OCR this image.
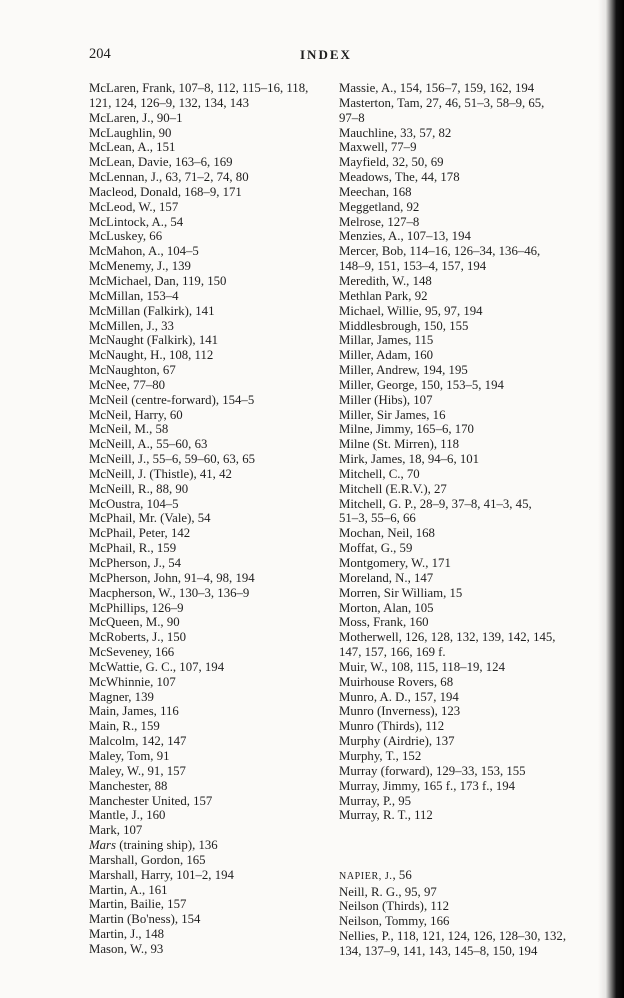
204	INDEX
McLaren, Frank, 107–8, 112, 115–16, 118,
121, 124, 126–9, 132, 134, 143
McLaren, J., 90–1
McLaughlin, 90
McLean, A., 151
McLean, Davie, 163–6, 169
McLennan, J., 63, 71–2, 74, 80
Macleod, Donald, 168–9, 171
McLeod, W., 157
McLintock, A., 54
McLuskey, 66
McMahon, A., 104–5
McMenemy, J., 139
McMichael, Dan, 119, 150
McMillan, 153–4
McMillan (Falkirk), 141
McMillen, J., 33
McNaught (Falkirk), 141
McNaught, H., 108, 112
McNaughton, 67
McNee, 77–80
McNeil (centre-forward), 154–5
McNeil, Harry, 60
McNeil, M., 58
McNeill, A., 55–60, 63
McNeill, J., 55–6, 59–60, 63, 65
McNeill, J. (Thistle), 41, 42
McNeill, R., 88, 90
McOustra, 104–5
McPhail, Mr. (Vale), 54
McPhail, Peter, 142
McPhail, R., 159
McPherson, J., 54
McPherson, John, 91–4, 98, 194
Macpherson, W., 130–3, 136–9
McPhillips, 126–9
McQueen, M., 90
McRoberts, J., 150
McSeveney, 166
McWattie, G. C., 107, 194
McWhinnie, 107
Magner, 139
Main, James, 116
Main, R., 159
Malcolm, 142, 147
Maley, Tom, 91
Maley, W., 91, 157
Manchester, 88
Manchester United, 157
Mantle, J., 160
Mark, 107
Mars (training ship), 136
Marshall, Gordon, 165
Marshall, Harry, 101–2, 194
Martin, A., 161
Martin, Bailie, 157
Martin (Bo'ness), 154
Martin, J., 148
Mason, W., 93
Massie, A., 154, 156–7, 159, 162, 194
Masterton, Tam, 27, 46, 51–3, 58–9, 65,
97–8
Mauchline, 33, 57, 82
Maxwell, 77–9
Mayfield, 32, 50, 69
Meadows, The, 44, 178
Meechan, 168
Meggetland, 92
Melrose, 127–8
Menzies, A., 107–13, 194
Mercer, Bob, 114–16, 126–34, 136–46,
148–9, 151, 153–4, 157, 194
Meredith, W., 148
Methlan Park, 92
Michael, Willie, 95, 97, 194
Middlesbrough, 150, 155
Millar, James, 115
Miller, Adam, 160
Miller, Andrew, 194, 195
Miller, George, 150, 153–5, 194
Miller (Hibs), 107
Miller, Sir James, 16
Milne, Jimmy, 165–6, 170
Milne (St. Mirren), 118
Mirk, James, 18, 94–6, 101
Mitchell, C., 70
Mitchell (E.R.V.), 27
Mitchell, G. P., 28–9, 37–8, 41–3, 45,
51–3, 55–6, 66
Mochan, Neil, 168
Moffat, G., 59
Montgomery, W., 171
Moreland, N., 147
Morren, Sir William, 15
Morton, Alan, 105
Moss, Frank, 160
Motherwell, 126, 128, 132, 139, 142, 145,
147, 157, 166, 169 f.
Muir, W., 108, 115, 118–19, 124
Muirhouse Rovers, 68
Munro, A. D., 157, 194
Munro (Inverness), 123
Munro (Thirds), 112
Murphy (Airdrie), 137
Murphy, T., 152
Murray (forward), 129–33, 153, 155
Murray, Jimmy, 165 f., 173 f., 194
Murray, P., 95
Murray, R. T., 112
NAPIER, J., 56
Neill, R. G., 95, 97
Neilson (Thirds), 112
Neilson, Tommy, 166
Nellies, P., 118, 121, 124, 126, 128–30, 132,
134, 137–9, 141, 143, 145–8, 150, 194
